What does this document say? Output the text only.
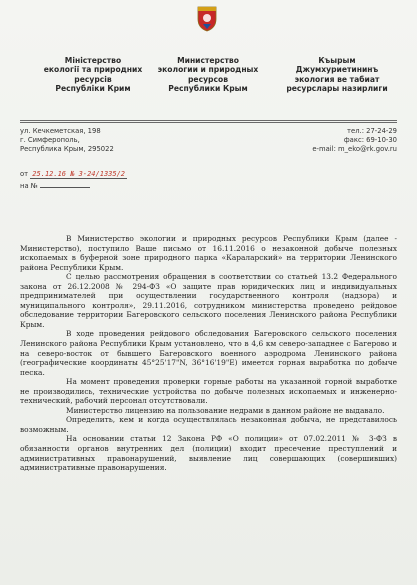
Міністерство
екології та природних
ресурсів
Республіки Крим
Министерство
экологии и природных
ресурсов
Республики Крым
Къырым
Джумхуриетининъ
экология ве табиат
ресурслары назирлиги
ул. Кечкеметская, 198
г. Симферополь,
Республика Крым, 295022
тел.: 27-24-29
факс: 69-10-30
e-mail: m_eko@rk.gov.ru
от 25.12.16 № 3-24/1335/2
на №

В Министерство экологии и природных ресурсов Республики Крым (далее - Министерство), поступило Ваше письмо от 16.11.2016 о незаконной добыче полезных ископаемых в буферной зоне природного парка «Караларский» на территории Ленинского района Республики Крым.

С целью рассмотрения обращения в соответствии со статьей 13.2 Федерального закона от 26.12.2008 № 294-ФЗ «О защите прав юридических лиц и индивидуальных предпринимателей при осуществлении государственного контроля (надзора) и муниципального контроля», 29.11.2016, сотрудником министерства проведено рейдовое обследование территории Багеровского сельского поселения Ленинского района Республики Крым.

В ходе проведения рейдового обследования Багеровского сельского поселения Ленинского района Республики Крым установлено, что в 4,6 км северо-западнее с Багерово и на северо-восток от бывшего Багеровского военного аэродрома Ленинского района (географические координаты 45°25'17"N, 36°16'19"E) имеется горная выработка по добыче песка.

На момент проведения проверки горные работы на указанной горной выработке не производились, технические устройства по добыче полезных ископаемых и инженерно-технический, рабочий персонал отсутствовали.

Министерство лицензию на пользование недрами в данном районе не выдавало.

Определить, кем и когда осуществлялась незаконная добыча, не представилось возможным.

На основании статьи 12 Закона РФ «О полиции» от 07.02.2011 № 3-ФЗ в обязанности органов внутренних дел (полиции) входит пресечение преступлений и административных правонарушений, выявление лиц совершающих (совершивших) административные правонарушения.
